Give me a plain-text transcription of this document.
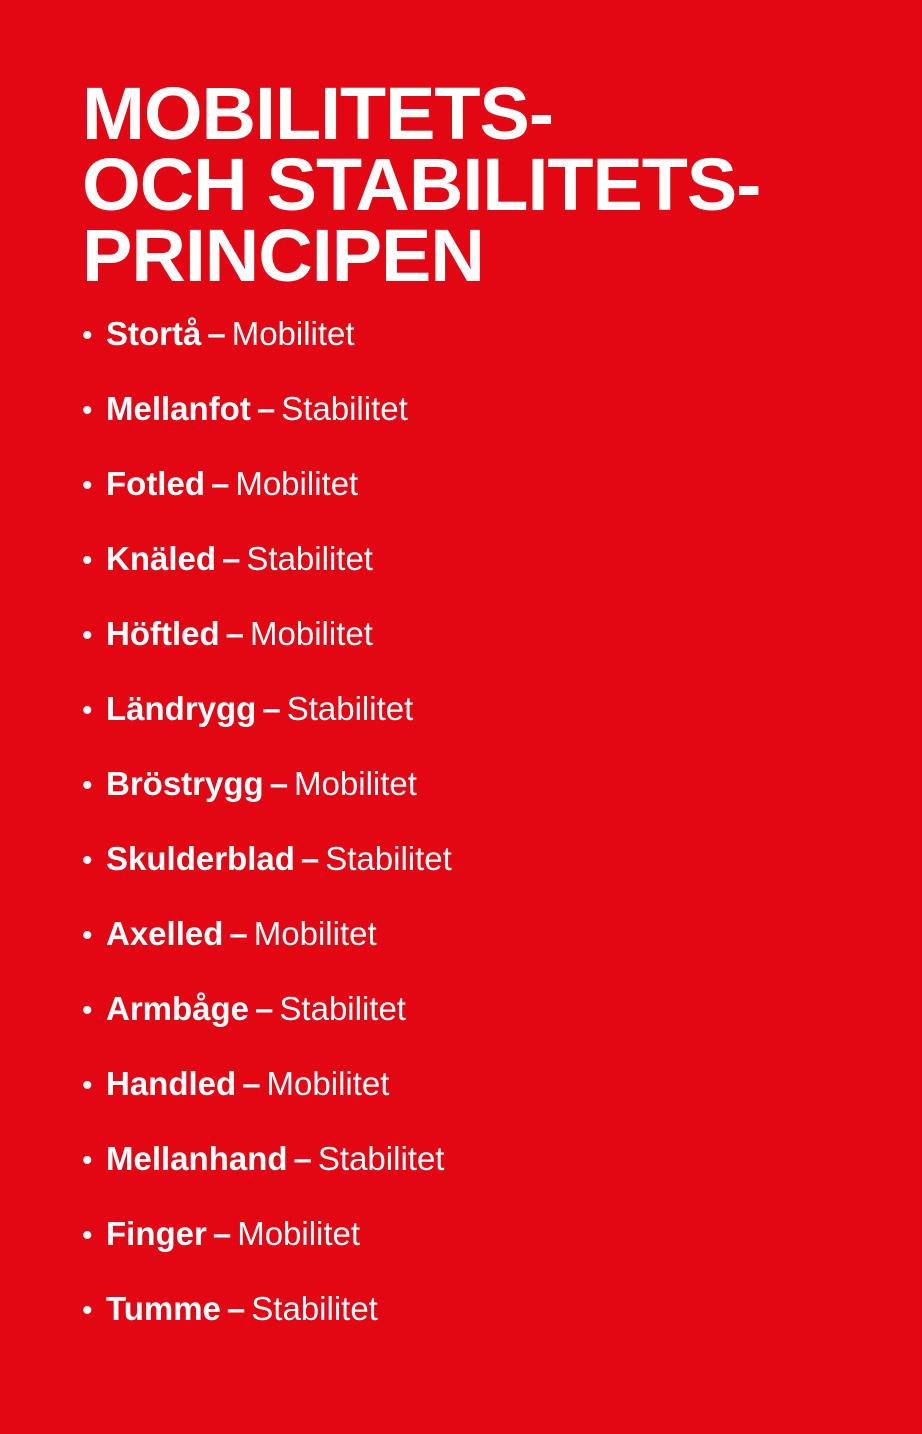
MOBILITETS-
OCH STABILITETS-
PRINCIPEN
• Stortå – Mobilitet
• Mellanfot – Stabilitet
• Fotled – Mobilitet
• Knäled – Stabilitet
• Höftled – Mobilitet
• Ländrygg – Stabilitet
• Bröstrygg – Mobilitet
• Skulderblad – Stabilitet
• Axelled – Mobilitet
• Armbåge – Stabilitet
• Handled – Mobilitet
• Mellanhand – Stabilitet
• Finger – Mobilitet
• Tumme – Stabilitet
